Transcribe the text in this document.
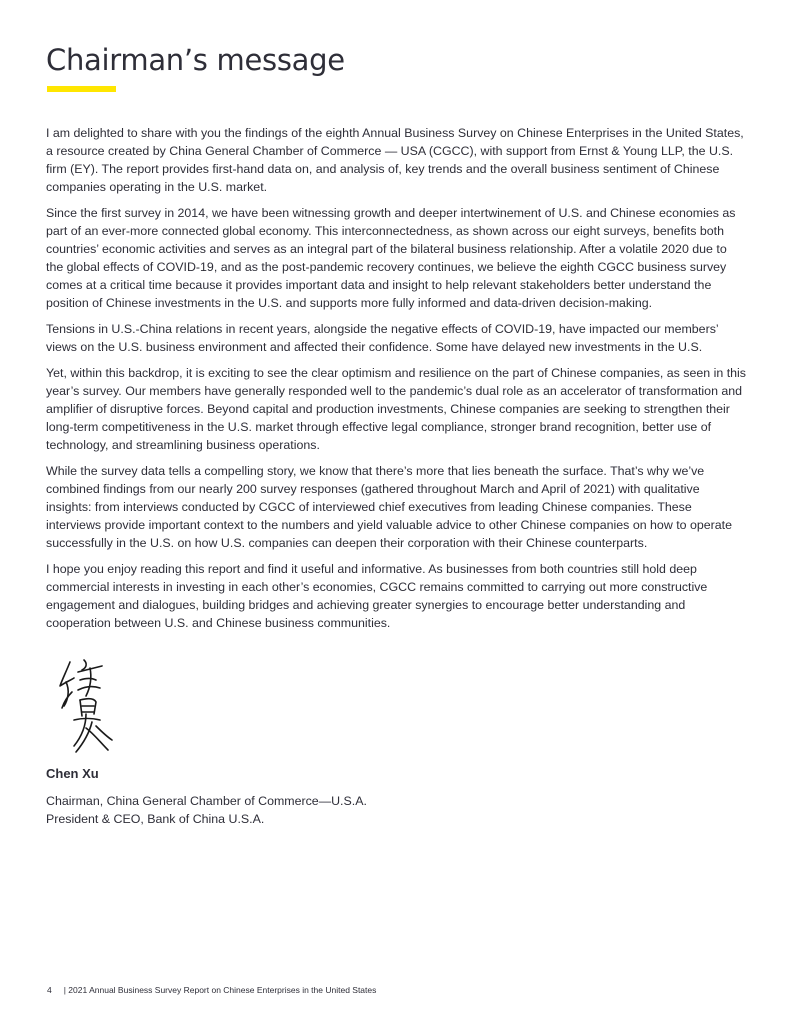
Chairman’s message

I am delighted to share with you the findings of the eighth Annual Business Survey on Chinese Enterprises in the United States, a resource created by China General Chamber of Commerce — USA (CGCC), with support from Ernst & Young LLP, the U.S. firm (EY). The report provides first-hand data on, and analysis of, key trends and the overall business sentiment of Chinese companies operating in the U.S. market.

Since the first survey in 2014, we have been witnessing growth and deeper intertwinement of U.S. and Chinese economies as part of an ever-more connected global economy. This interconnectedness, as shown across our eight surveys, benefits both countries’ economic activities and serves as an integral part of the bilateral business relationship. After a volatile 2020 due to the global effects of COVID-19, and as the post-pandemic recovery continues, we believe the eighth CGCC business survey comes at a critical time because it provides important data and insight to help relevant stakeholders better understand the position of Chinese investments in the U.S. and supports more fully informed and data-driven decision-making.

Tensions in U.S.-China relations in recent years, alongside the negative effects of COVID-19, have impacted our members’ views on the U.S. business environment and affected their confidence. Some have delayed new investments in the U.S.

Yet, within this backdrop, it is exciting to see the clear optimism and resilience on the part of Chinese companies, as seen in this year’s survey. Our members have generally responded well to the pandemic’s dual role as an accelerator of transformation and amplifier of disruptive forces. Beyond capital and production investments, Chinese companies are seeking to strengthen their long-term competitiveness in the U.S. market through effective legal compliance, stronger brand recognition, better use of technology, and streamlining business operations.

While the survey data tells a compelling story, we know that there’s more that lies beneath the surface. That’s why we’ve combined findings from our nearly 200 survey responses (gathered throughout March and April of 2021) with qualitative insights: from interviews conducted by CGCC of interviewed chief executives from leading Chinese companies. These interviews provide important context to the numbers and yield valuable advice to other Chinese companies on how to operate successfully in the U.S. on how U.S. companies can deepen their corporation with their Chinese counterparts.

I hope you enjoy reading this report and find it useful and informative. As businesses from both countries still hold deep commercial interests in investing in each other’s economies, CGCC remains committed to carrying out more constructive engagement and dialogues, building bridges and achieving greater synergies to encourage better understanding and cooperation between U.S. and Chinese business communities.

Chen Xu
Chairman, China General Chamber of Commerce—U.S.A.
President & CEO, Bank of China U.S.A.
4 | 2021 Annual Business Survey Report on Chinese Enterprises in the United States
